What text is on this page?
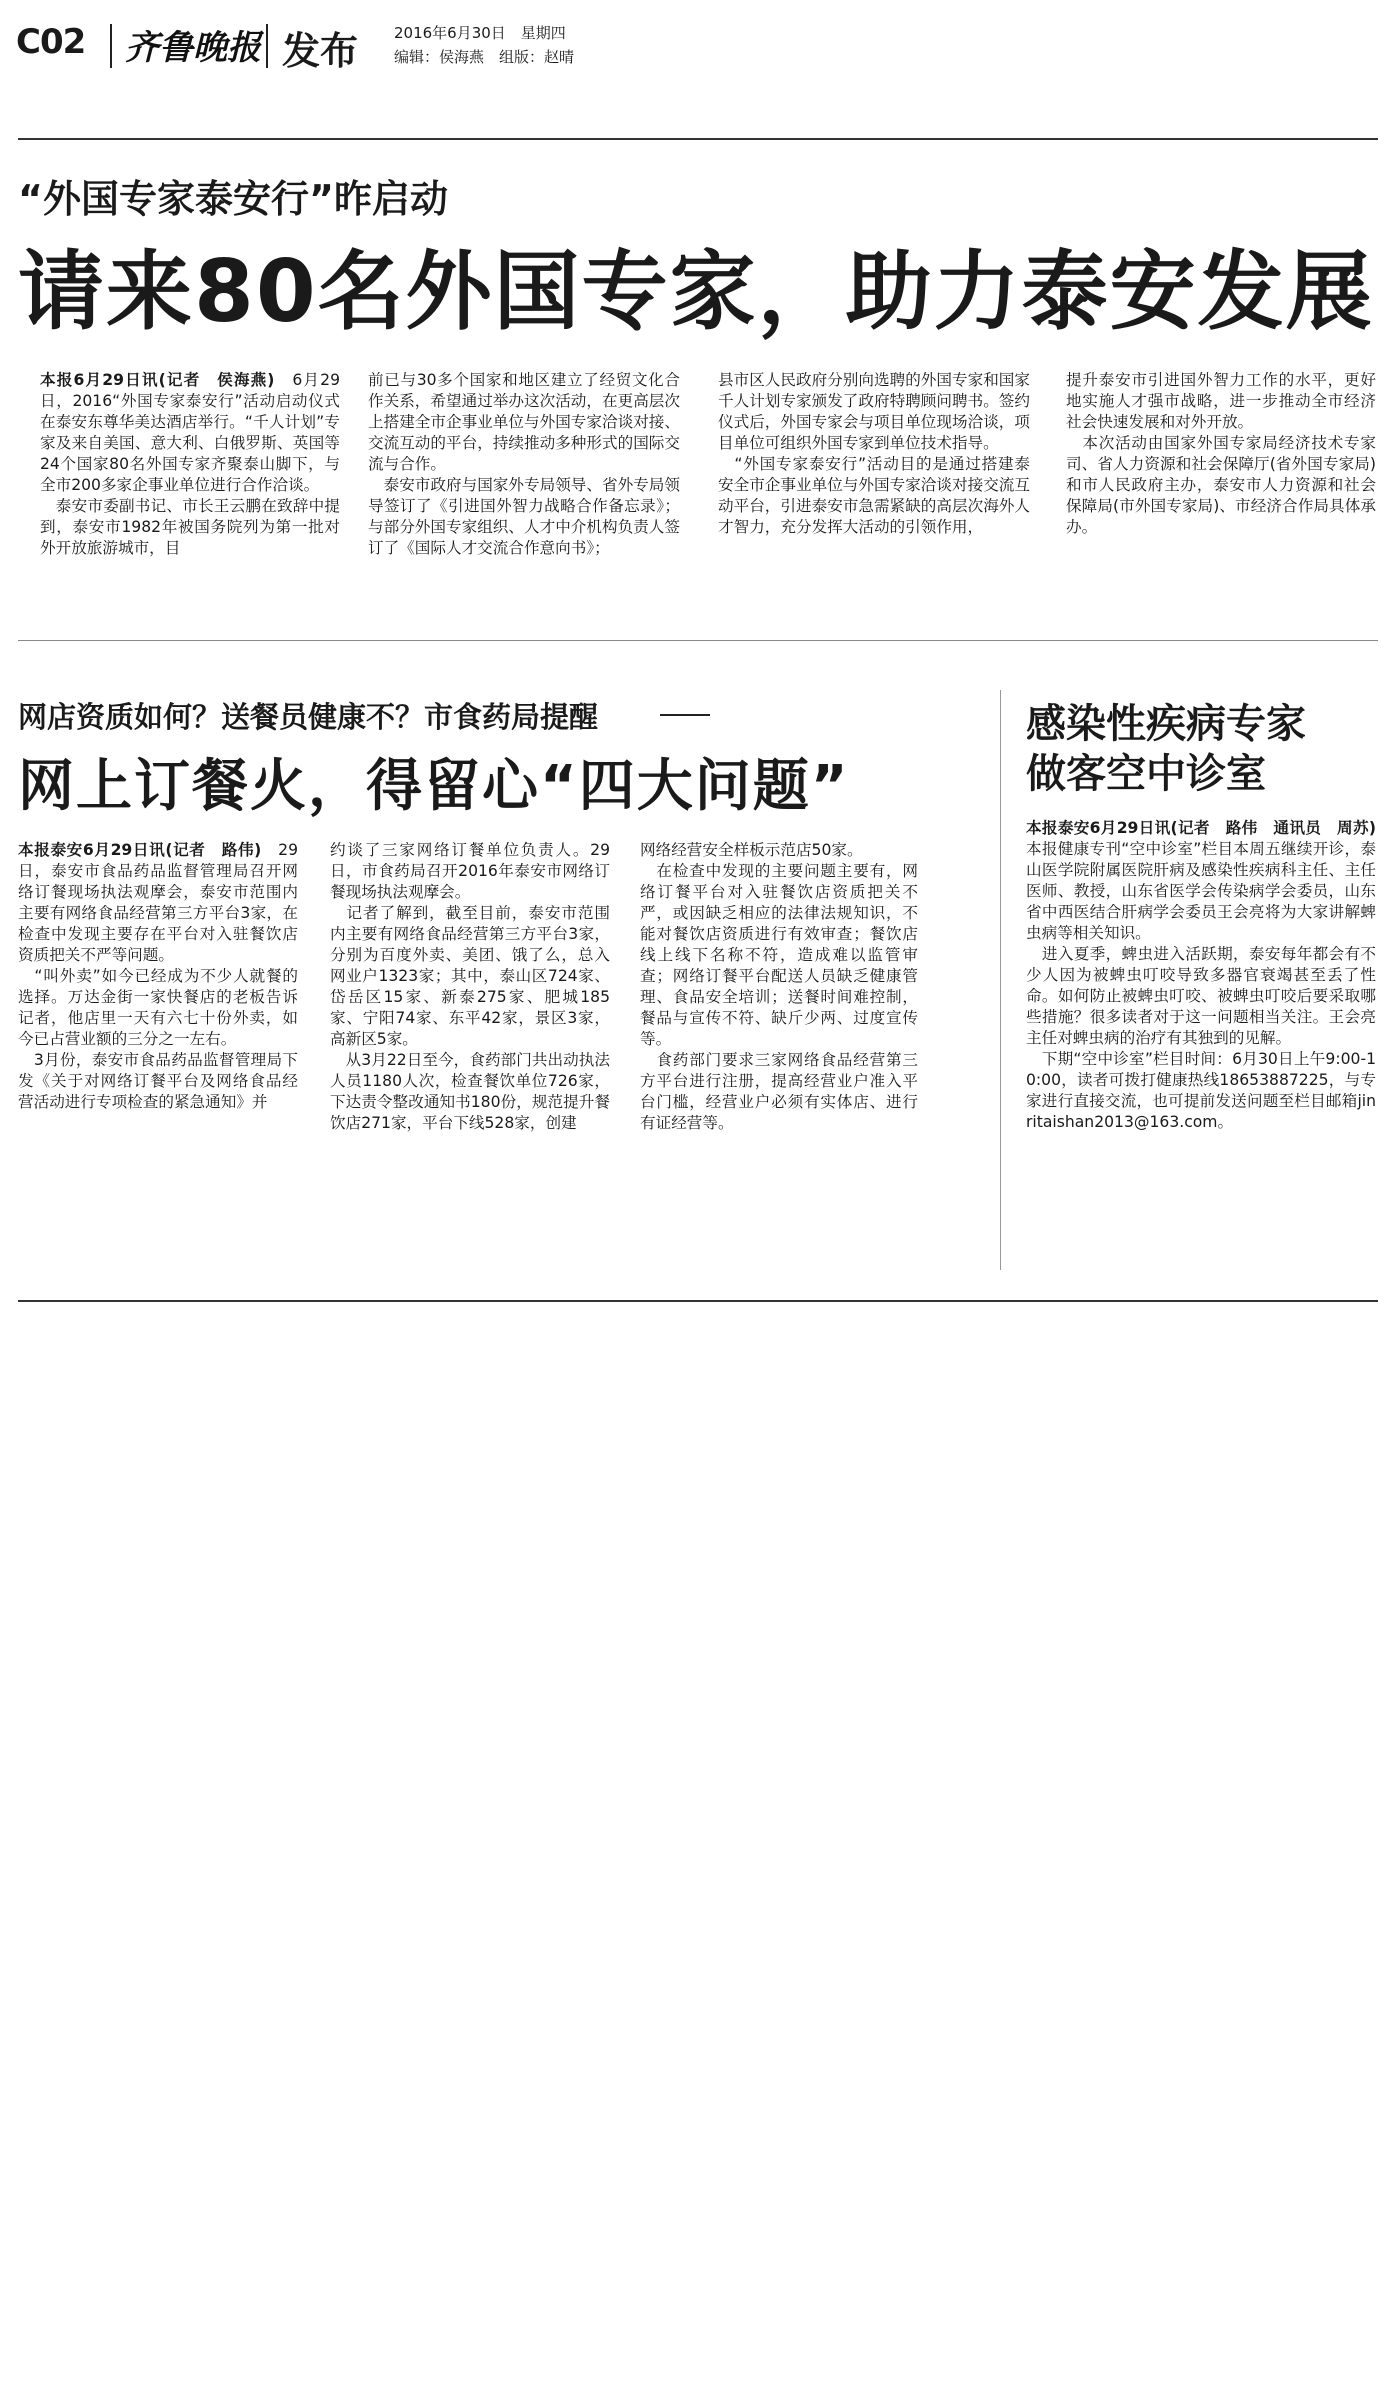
C02 齐鲁晚报 发布 2016年6月30日　星期四
编辑：侯海燕　组版：赵晴
“外国专家泰安行”昨启动
请来80名外国专家，助力泰安发展
本报6月29日讯(记者　侯海燕)　6月29日，2016“外国专家泰安行”活动启动仪式在泰安东尊华美达酒店举行。“千人计划”专家及来自美国、意大利、白俄罗斯、英国等24个国家80名外国专家齐聚泰山脚下，与全市200多家企事业单位进行合作洽谈。
　泰安市委副书记、市长王云鹏在致辞中提到，泰安市1982年被国务院列为第一批对外开放旅游城市，目
前已与30多个国家和地区建立了经贸文化合作关系，希望通过举办这次活动，在更高层次上搭建全市企事业单位与外国专家洽谈对接、交流互动的平台，持续推动多种形式的国际交流与合作。
　泰安市政府与国家外专局领导、省外专局领导签订了《引进国外智力战略合作备忘录》；与部分外国专家组织、人才中介机构负责人签订了《国际人才交流合作意向书》；
县市区人民政府分别向选聘的外国专家和国家千人计划专家颁发了政府特聘顾问聘书。签约仪式后，外国专家会与项目单位现场洽谈，项目单位可组织外国专家到单位技术指导。
　“外国专家泰安行”活动目的是通过搭建泰安全市企事业单位与外国专家洽谈对接交流互动平台，引进泰安市急需紧缺的高层次海外人才智力，充分发挥大活动的引领作用，
提升泰安市引进国外智力工作的水平，更好地实施人才强市战略，进一步推动全市经济社会快速发展和对外开放。
　本次活动由国家外国专家局经济技术专家司、省人力资源和社会保障厅(省外国专家局)和市人民政府主办，泰安市人力资源和社会保障局(市外国专家局)、市经济合作局具体承办。
网店资质如何？送餐员健康不？市食药局提醒
网上订餐火，得留心“四大问题”
本报泰安6月29日讯(记者　路伟)　29日，泰安市食品药品监督管理局召开网络订餐现场执法观摩会，泰安市范围内主要有网络食品经营第三方平台3家，在检查中发现主要存在平台对入驻餐饮店资质把关不严等问题。
　“叫外卖”如今已经成为不少人就餐的选择。万达金街一家快餐店的老板告诉记者，他店里一天有六七十份外卖，如今已占营业额的三分之一左右。
　3月份，泰安市食品药品监督管理局下发《关于对网络订餐平台及网络食品经营活动进行专项检查的紧急通知》并
约谈了三家网络订餐单位负责人。29日，市食药局召开2016年泰安市网络订餐现场执法观摩会。
　记者了解到，截至目前，泰安市范围内主要有网络食品经营第三方平台3家，分别为百度外卖、美团、饿了么，总入网业户1323家；其中，泰山区724家、岱岳区15家、新泰275家、肥城185家、宁阳74家、东平42家，景区3家，高新区5家。
　从3月22日至今，食药部门共出动执法人员1180人次，检查餐饮单位726家，下达责令整改通知书180份，规范提升餐饮店271家，平台下线528家，创建
网络经营安全样板示范店50家。
　在检查中发现的主要问题主要有，网络订餐平台对入驻餐饮店资质把关不严，或因缺乏相应的法律法规知识，不能对餐饮店资质进行有效审查；餐饮店线上线下名称不符，造成难以监管审查；网络订餐平台配送人员缺乏健康管理、食品安全培训；送餐时间难控制，餐品与宣传不符、缺斤少两、过度宣传等。
　食药部门要求三家网络食品经营第三方平台进行注册，提高经营业户准入平台门槛，经营业户必须有实体店、进行有证经营等。
感染性疾病专家
做客空中诊室
本报泰安6月29日讯(记者　路伟　通讯员　周苏)　本报健康专刊“空中诊室”栏目本周五继续开诊，泰山医学院附属医院肝病及感染性疾病科主任、主任医师、教授，山东省医学会传染病学会委员，山东省中西医结合肝病学会委员王会亮将为大家讲解蜱虫病等相关知识。
　进入夏季，蜱虫进入活跃期，泰安每年都会有不少人因为被蜱虫叮咬导致多器官衰竭甚至丢了性命。如何防止被蜱虫叮咬、被蜱虫叮咬后要采取哪些措施？很多读者对于这一问题相当关注。王会亮主任对蜱虫病的治疗有其独到的见解。
　下期“空中诊室”栏目时间：6月30日上午9:00-10:00，读者可拨打健康热线18653887225，与专家进行直接交流，也可提前发送问题至栏目邮箱jinritaishan2013@163.com。
